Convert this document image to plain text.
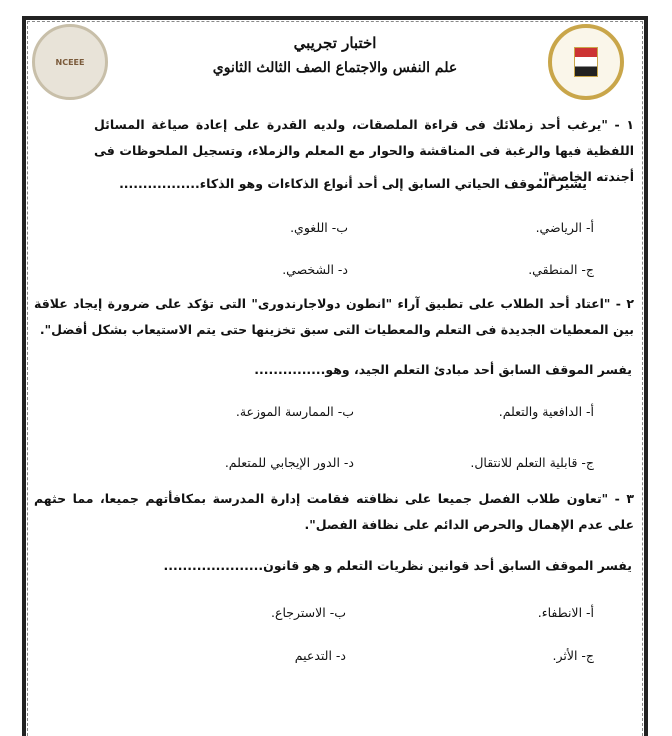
NCEEE
اختبار تجريبي
علم النفس والاجتماع الصف الثالث الثانوي
١ - "يرغب أحد زملائك فى قراءة الملصقات، ولديه القدرة على إعادة صياغة المسائل اللفظية فيها والرغبة فى المناقشة والحوار مع المعلم والزملاء، وتسجيل الملحوظات فى أجندته الخاصة".
يشير الموقف الحياتي السابق إلى أحد أنواع الذكاءات وهو الذكاء.................
أ- الرياضي.
ب- اللغوي.
ج- المنطقي.
د- الشخصي.
٢ - "اعتاد أحد الطلاب على تطبيق آراء "انطون دولاجارندورى" التى تؤكد على ضرورة إيجاد علاقة بين المعطيات الجديدة فى التعلم والمعطيات التى سبق تخزينها حتى يتم الاستيعاب بشكل أفضل".
يفسر الموقف السابق أحد مبادئ التعلم الجيد، وهو...............
أ- الدافعية والتعلم.
ب- الممارسة الموزعة.
ج- قابلية التعلم للانتقال.
د- الدور الإيجابي للمتعلم.
٣ - "تعاون طلاب الفصل جميعا على نظافته فقامت إدارة المدرسة بمكافأتهم جميعا، مما حثهم على عدم الإهمال والحرص الدائم على نظافة الفصل".
يفسر الموقف السابق أحد قوانين نظريات التعلم و هو قانون.....................
أ- الانطفاء.
ب- الاسترجاع.
ج- الأثر.
د- التدعيم
